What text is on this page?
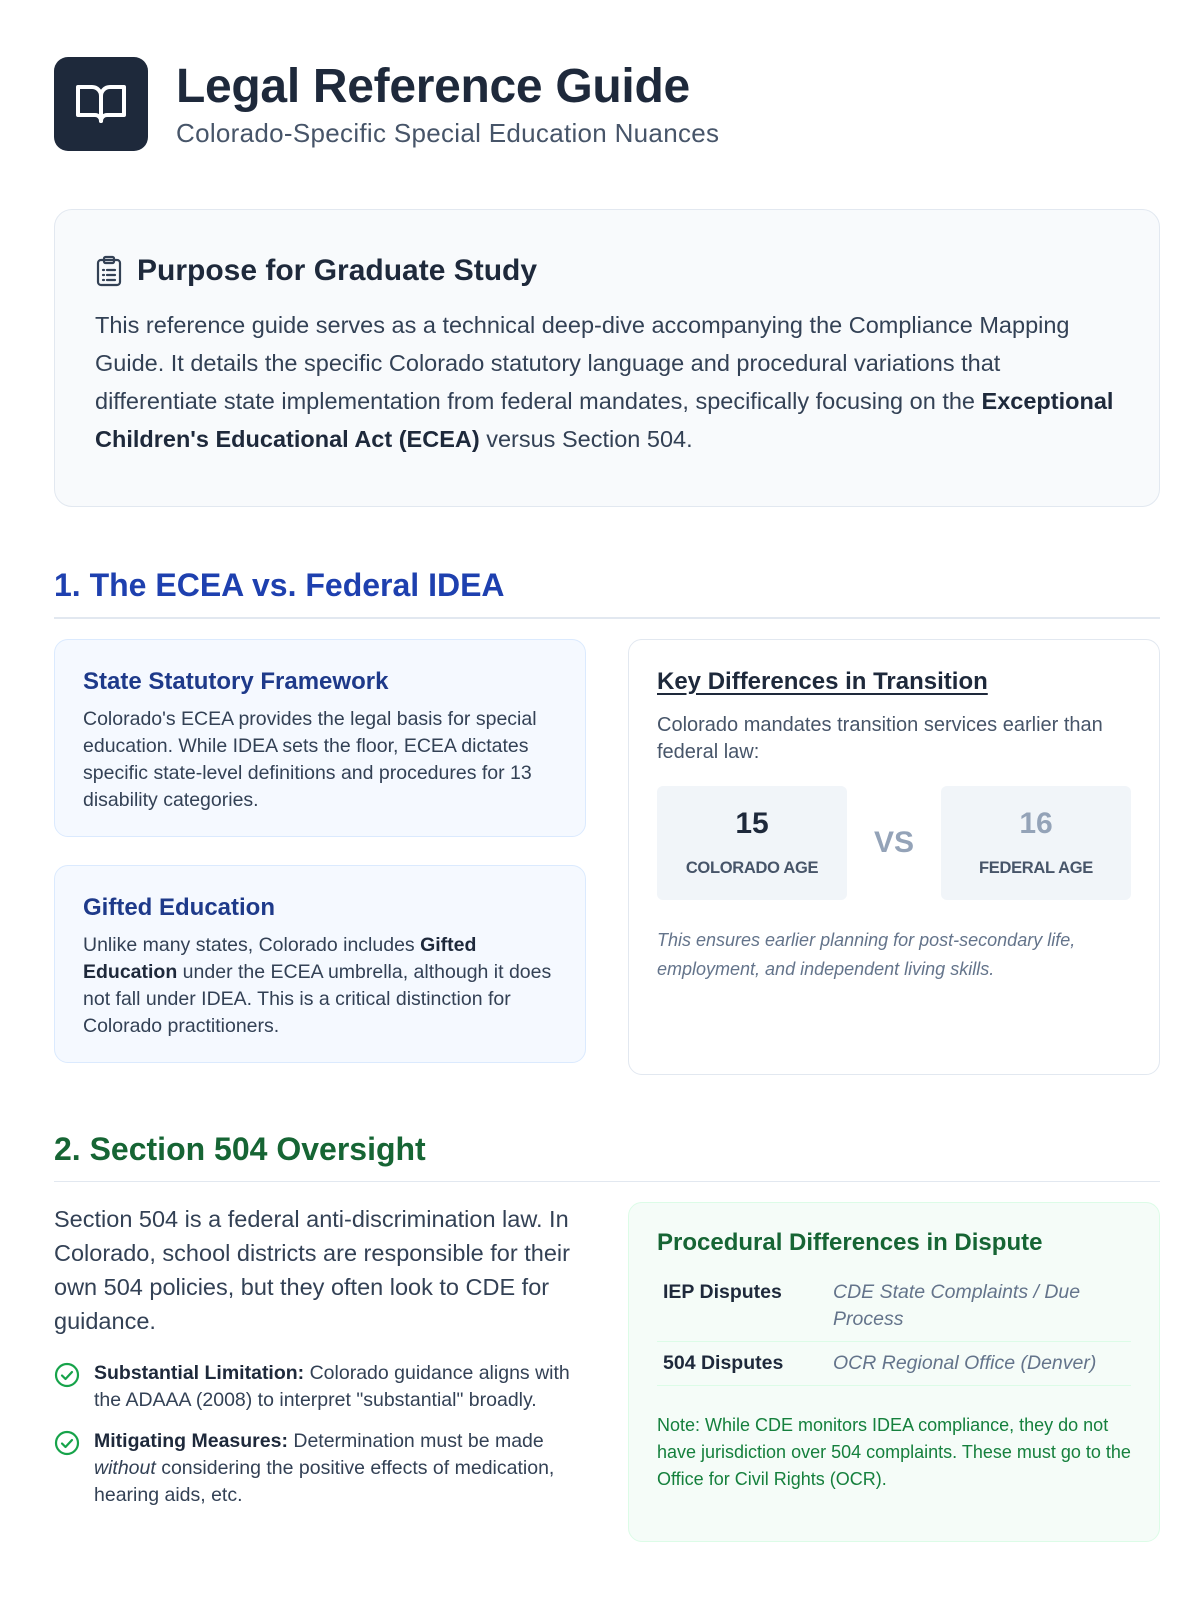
Legal Reference Guide
Colorado-Specific Special Education Nuances
Purpose for Graduate Study
This reference guide serves as a technical deep-dive accompanying the Compliance Mapping Guide. It details the specific Colorado statutory language and procedural variations that differentiate state implementation from federal mandates, specifically focusing on the Exceptional Children's Educational Act (ECEA) versus Section 504.
1. The ECEA vs. Federal IDEA
State Statutory Framework

Colorado's ECEA provides the legal basis for special education. While IDEA sets the floor, ECEA dictates specific state-level definitions and procedures for 13 disability categories.

Gifted Education

Unlike many states, Colorado includes Gifted Education under the ECEA umbrella, although it does not fall under IDEA. This is a critical distinction for Colorado practitioners.

Key Differences in Transition
Colorado mandates transition services earlier than federal law:
15
COLORADO AGE
VS
16
FEDERAL AGE
This ensures earlier planning for post-secondary life, employment, and independent living skills.
2. Section 504 Oversight
Section 504 is a federal anti-discrimination law. In Colorado, school districts are responsible for their own 504 policies, but they often look to CDE for guidance.
Substantial Limitation: Colorado guidance aligns with the ADAAA (2008) to interpret "substantial" broadly.
Mitigating Measures: Determination must be made without considering the positive effects of medication, hearing aids, etc.
Procedural Differences in Dispute
IEP Disputes	CDE State Complaints / Due Process
504 Disputes	OCR Regional Office (Denver)
Note: While CDE monitors IDEA compliance, they do not have jurisdiction over 504 complaints. These must go to the Office for Civil Rights (OCR).
